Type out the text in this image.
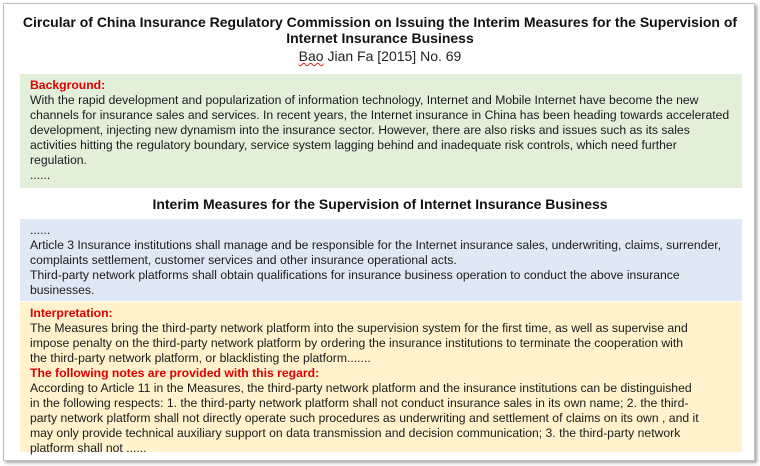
Circular of China Insurance Regulatory Commission on Issuing the Interim Measures for the Supervision of
Internet Insurance Business
Bao Jian Fa [2015] No. 69

Background:

With the rapid development and popularization of information technology, Internet and Mobile Internet have become the new

channels for insurance sales and services. In recent years, the Internet insurance in China has been heading towards accelerated

development, injecting new dynamism into the insurance sector. However, there are also risks and issues such as its sales

activities hitting the regulatory boundary, service system lagging behind and inadequate risk controls, which need further

regulation.

......

Interim Measures for the Supervision of Internet Insurance Business

......

Article 3 Insurance institutions shall manage and be responsible for the Internet insurance sales, underwriting, claims, surrender,

complaints settlement, customer services and other insurance operational acts.

Third-party network platforms shall obtain qualifications for insurance business operation to conduct the above insurance

businesses.

Interpretation:

The Measures bring the third-party network platform into the supervision system for the first time, as well as supervise and

impose penalty on the third-party network platform by ordering the insurance institutions to terminate the cooperation with

the third-party network platform, or blacklisting the platform.......

The following notes are provided with this regard:

According to Article 11 in the Measures, the third-party network platform and the insurance institutions can be distinguished

in the following respects: 1. the third-party network platform shall not conduct insurance sales in its own name; 2. the third-

party network platform shall not directly operate such procedures as underwriting and settlement of claims on its own , and it

may only provide technical auxiliary support on data transmission and decision communication; 3. the third-party network

platform shall not ......
